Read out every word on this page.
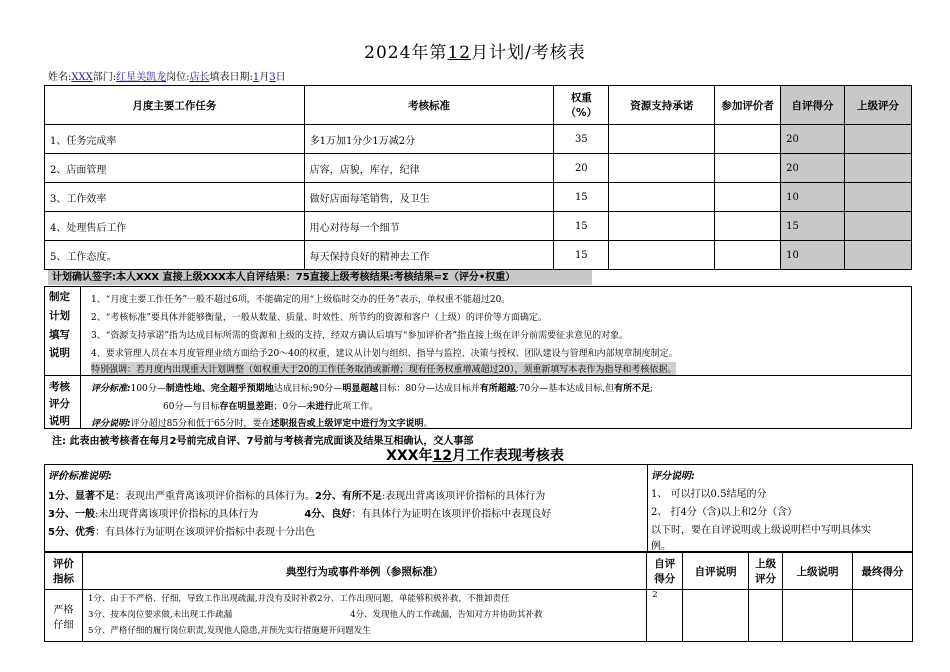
2024年第12月计划/考核表
姓名:XXX部门:红星美凯龙岗位:店长填表日期:1月3日
月度主要工作任务	考核标准	权重（%）	资源支持承诺	参加评价者	自评得分	上级评分
1、任务完成率	多1万加1分少1万减2分	35			20	
2、店面管理	店容，店貌，库存，纪律	20			20	
3、工作效率	做好店面每笔销售，及卫生	15			10	
4、处理售后工作	用心对待每一个细节	15			15	
5、工作态度。	每天保持良好的精神去工作	15			10	
计划确认签字:本人XXX 直接上级XXX本人自评结果：75直接上级考核结果:考核结果=Σ（评分•权重）
制定
计划
填写
说明
1、“月度主要工作任务”一般不超过6项，不能确定的用“上级临时交办的任务”表示，单权重不能超过20。
2、“考核标准”要具体并能够衡量，一般从数量、质量、时效性、所节约的资源和客户（上级）的评价等方面确定。
3、“资源支持承诺”指为达成目标所需的资源和上级的支持，经双方确认后填写“参加评价者”指直接上级在评分前需要征求意见的对象。
4、要求管理人员在本月度管理业绩方面给予20～40的权重，建议从计划与组织、指导与监控、决策与授权、团队建设与管理和内部规章制度制定。
特别强调：若月度内出现重大计划调整（如权重大于20的工作任务取消或新增；现有任务权重增减超过20），须重新填写本表作为指导和考核依据。
考核
评分
说明
评分标准:100分—制造性地、完全超乎预期地达成目标;90分—明显超越目标：80分—达成目标并有所超越;70分—基本达成目标,但有所不足;
60分—与目标存在明显差距；0分—未进行此项工作。
评分说明:评分超过85分和低于65分时，要在述职报告或上级评定中进行为文字说明。
注: 此表由被考核者在每月2号前完成自评、7号前与考核者完成面谈及结果互相确认，交人事部
XXX年12月工作表现考核表
评价标准说明:
1分、显著不足：表现出严重背离该项评价指标的具体行为。2分、有所不足:表现出背离该项评价指标的具体行为
3分、一般:未出现背离该项评价指标的具体行为	4分、良好：有具体行为证明在该项评价指标中表现良好
5分、优秀：有具体行为证明在该项评价指标中表现十分出色
评分说明:
1、 可以打以0.5结尾的分
2、 打4分（含)以上和2分（含）
以下时，要在自评说明或上级说明栏中写明具体实
例。
评价指标	典型行为或事件举例（参照标准）	自评得分	自评说明	上级评分	上级说明	最终得分
严格仔细	1分、由于不严格、仔细，导致工作出现疏漏,并没有及时补救2分、工作出现问题，单能够积极补救，不推卸责任
3分、按本岗位要求做,未出现工作疏漏 4分、发现他人的工作疏漏，告知对方并协助其补救
5分、严格仔细的履行岗位职责,发现他人隐患,并预先实行措施避开问题发生	2				
